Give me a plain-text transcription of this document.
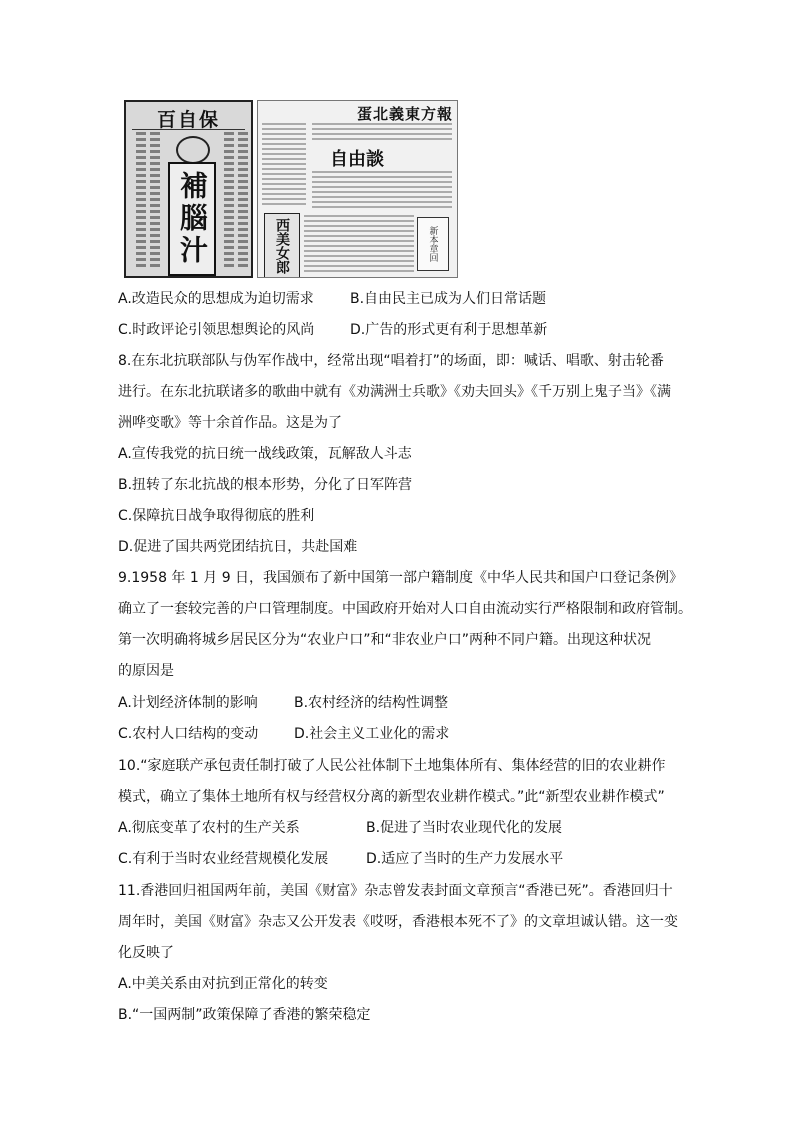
百自保
補腦汁
蛋北義東方報
自由談
西美女郎	新本章回
A.改造民众的思想成为迫切需求	B.自由民主已成为人们日常话题
C.时政评论引领思想舆论的风尚	D.广告的形式更有利于思想革新
8.在东北抗联部队与伪军作战中，经常出现“唱着打”的场面，即：喊话、唱歌、射击轮番
进行。在东北抗联诸多的歌曲中就有《劝满洲士兵歌》《劝夫回头》《千万别上鬼子当》《满
洲哗变歌》等十余首作品。这是为了
A.宣传我党的抗日统一战线政策，瓦解敌人斗志
B.扭转了东北抗战的根本形势，分化了日军阵营
C.保障抗日战争取得彻底的胜利
D.促进了国共两党团结抗日，共赴国难
9.1958 年 1 月 9 日，我国颁布了新中国第一部户籍制度《中华人民共和国户口登记条例》
确立了一套较完善的户口管理制度。中国政府开始对人口自由流动实行严格限制和政府管制。
第一次明确将城乡居民区分为“农业户口”和“非农业户口”两种不同户籍。出现这种状况
的原因是
A.计划经济体制的影响	B.农村经济的结构性调整
C.农村人口结构的变动	D.社会主义工业化的需求
10.“家庭联产承包责任制打破了人民公社体制下土地集体所有、集体经营的旧的农业耕作
模式，确立了集体土地所有权与经营权分离的新型农业耕作模式。”此“新型农业耕作模式”
A.彻底变革了农村的生产关系	B.促进了当时农业现代化的发展
C.有利于当时农业经营规模化发展	D.适应了当时的生产力发展水平
11.香港回归祖国两年前，美国《财富》杂志曾发表封面文章预言“香港已死”。香港回归十
周年时，美国《财富》杂志又公开发表《哎呀，香港根本死不了》的文章坦诚认错。这一变
化反映了
A.中美关系由对抗到正常化的转变
B.“一国两制”政策保障了香港的繁荣稳定
